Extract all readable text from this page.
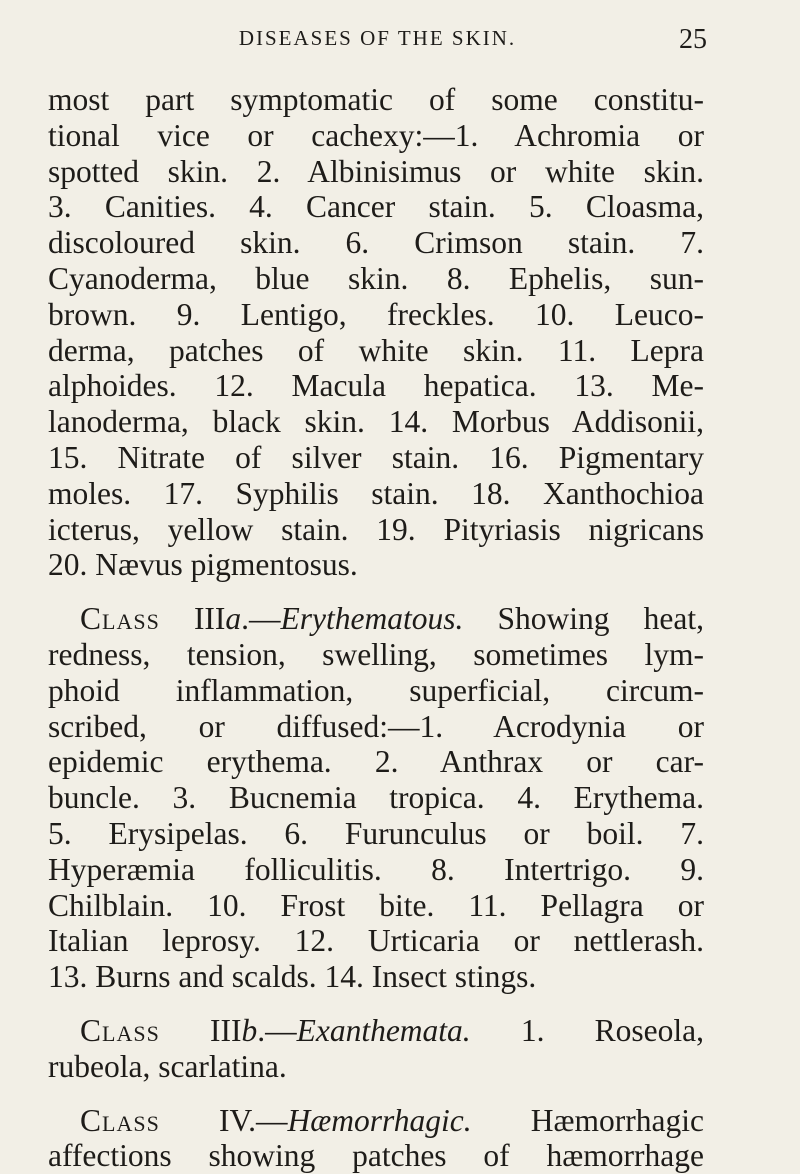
DISEASES OF THE SKIN.	25
most part symptomatic of some constitu-
tional vice or cachexy:—1. Achromia or
spotted skin. 2. Albinisimus or white skin.
3. Canities. 4. Cancer stain. 5. Cloasma,
discoloured skin. 6. Crimson stain. 7.
Cyanoderma, blue skin. 8. Ephelis, sun-
brown. 9. Lentigo, freckles. 10. Leuco-
derma, patches of white skin. 11. Lepra
alphoides. 12. Macula hepatica. 13. Me-
lanoderma, black skin. 14. Morbus Addisonii,
15. Nitrate of silver stain. 16. Pigmentary
moles. 17. Syphilis stain. 18. Xanthochioa
icterus, yellow stain. 19. Pityriasis nigricans
20. Nævus pigmentosus.
Class IIIa.—Erythematous. Showing heat,
redness, tension, swelling, sometimes lym-
phoid inflammation, superficial, circum-
scribed, or diffused:—1. Acrodynia or
epidemic erythema. 2. Anthrax or car-
buncle. 3. Bucnemia tropica. 4. Erythema.
5. Erysipelas. 6. Furunculus or boil. 7.
Hyperæmia folliculitis. 8. Intertrigo. 9.
Chilblain. 10. Frost bite. 11. Pellagra or
Italian leprosy. 12. Urticaria or nettlerash.
13. Burns and scalds. 14. Insect stings.
Class IIIb.—Exanthemata. 1. Roseola,
rubeola, scarlatina.
Class IV.—Hæmorrhagic. Hæmorrhagic
affections showing patches of hæmorrhage
